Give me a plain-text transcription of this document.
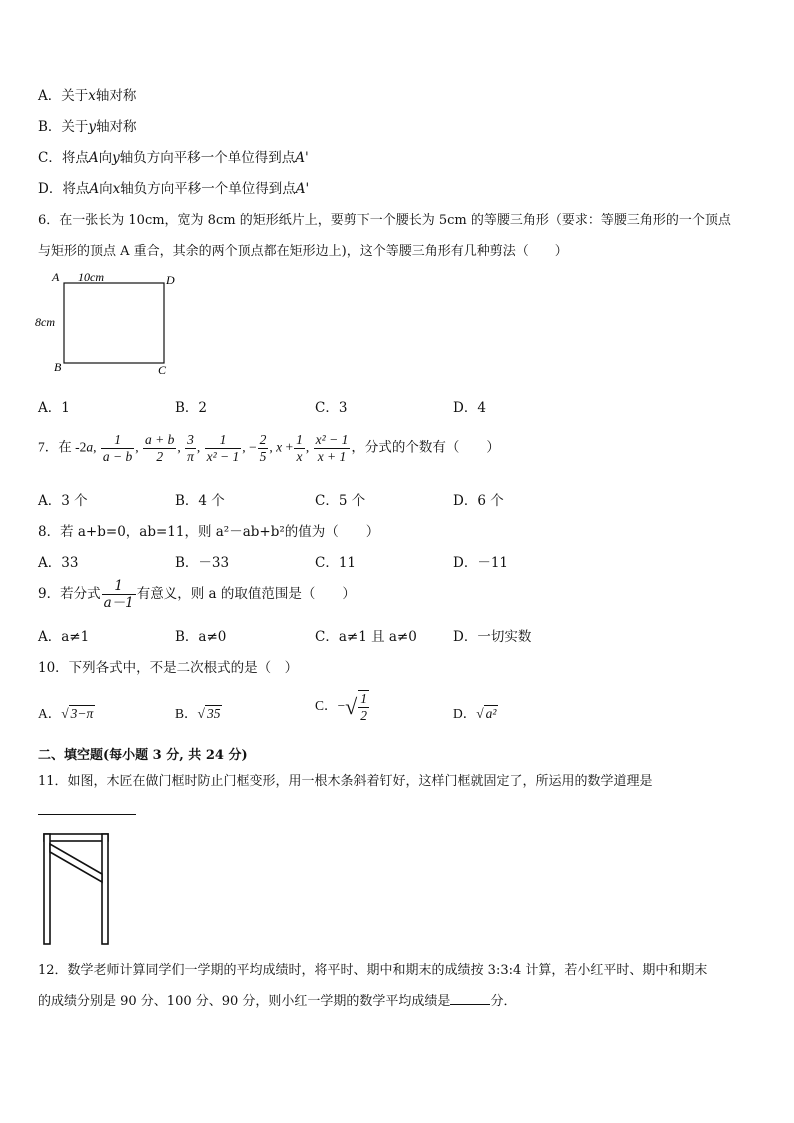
A．关于x轴对称
B．关于y轴对称
C．将点A向y轴负方向平移一个单位得到点A'
D．将点A向x轴负方向平移一个单位得到点A'
6．在一张长为 10cm，宽为 8cm 的矩形纸片上，要剪下一个腰长为 5cm 的等腰三角形（要求：等腰三角形的一个顶点
与矩形的顶点 A 重合，其余的两个顶点都在矩形边上)，这个等腰三角形有几种剪法（　　）
A	D
B	C
10cm
8cm
A．1	B．2	C．3	D．4
7．在 -2a, $\frac{1}{a - b}$ , $\frac{a + b}{2}$ , $\frac{3}{\pi}$ , $\frac{1}{\text{x² − 1}}$ , − $\frac{2}{5}$ , $x + \frac{1}{x}$ , $\frac{\text{x² − 1}}{x + 1}$ ，分式的个数有（　　）
A．3 个	B．4 个	C．5 个	D．6 个
8．若 a+b=0，ab=11，则 a²－ab+b²的值为（　　）
A．33	B．－33	C．11	D．－11
9．若分式 $\frac{1}{a-1}$ 有意义，则 a 的取值范围是（　　）
A．a≠1	B．a≠0	C．a≠1 且 a≠0	D．一切实数
10．下列各式中，不是二次根式的是（　）
A．√ 3−π	B．√ 35
C．−√ $\frac{1}{2}$	D．√ a²
二、填空题(每小题 3 分, 共 24 分)
11．如图，木匠在做门框时防止门框变形，用一根木条斜着钉好，这样门框就固定了，所运用的数学道理是
12．数学老师计算同学们一学期的平均成绩时，将平时、期中和期末的成绩按 3:3:4 计算，若小红平时、期中和期末
的成绩分别是 90 分、100 分、90 分，则小红一学期的数学平均成绩是	分．
